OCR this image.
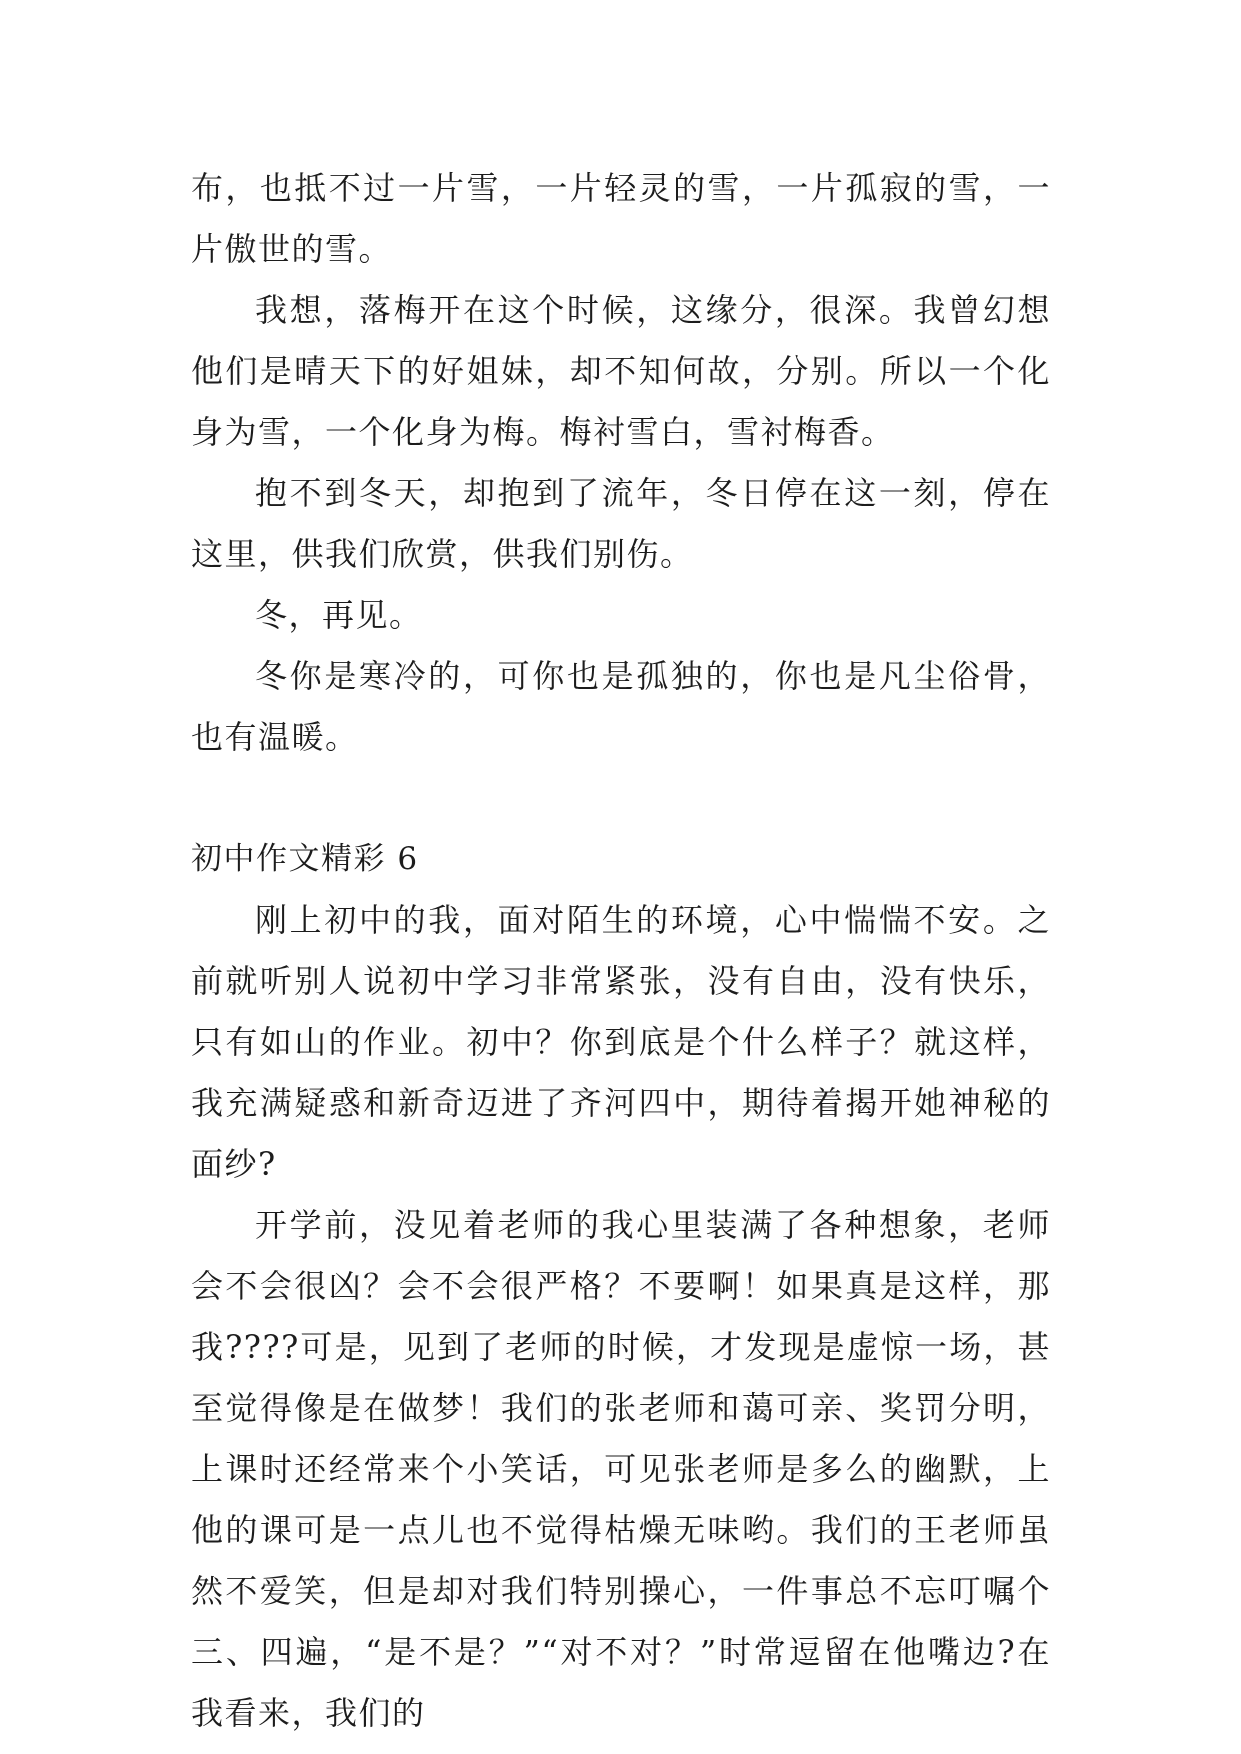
布，也抵不过一片雪，一片轻灵的雪，一片孤寂的雪，一片傲世的雪。

我想，落梅开在这个时候，这缘分，很深。我曾幻想他们是晴天下的好姐妹，却不知何故，分别。所以一个化身为雪，一个化身为梅。梅衬雪白，雪衬梅香。

抱不到冬天，却抱到了流年，冬日停在这一刻，停在这里，供我们欣赏，供我们别伤。

冬，再见。

冬你是寒冷的，可你也是孤独的，你也是凡尘俗骨，也有温暖。

初中作文精彩 6

刚上初中的我，面对陌生的环境，心中惴惴不安。之前就听别人说初中学习非常紧张，没有自由，没有快乐，只有如山的作业。初中？你到底是个什么样子？就这样，我充满疑惑和新奇迈进了齐河四中，期待着揭开她神秘的面纱?

开学前，没见着老师的我心里装满了各种想象，老师会不会很凶？会不会很严格？不要啊！如果真是这样，那我????可是，见到了老师的时候，才发现是虚惊一场，甚至觉得像是在做梦！我们的张老师和蔼可亲、奖罚分明，上课时还经常来个小笑话，可见张老师是多么的幽默，上他的课可是一点儿也不觉得枯燥无味哟。我们的王老师虽然不爱笑，但是却对我们特别操心，一件事总不忘叮嘱个三、四遍，“是不是？”“对不对？”时常逗留在他嘴边?在我看来，我们的
